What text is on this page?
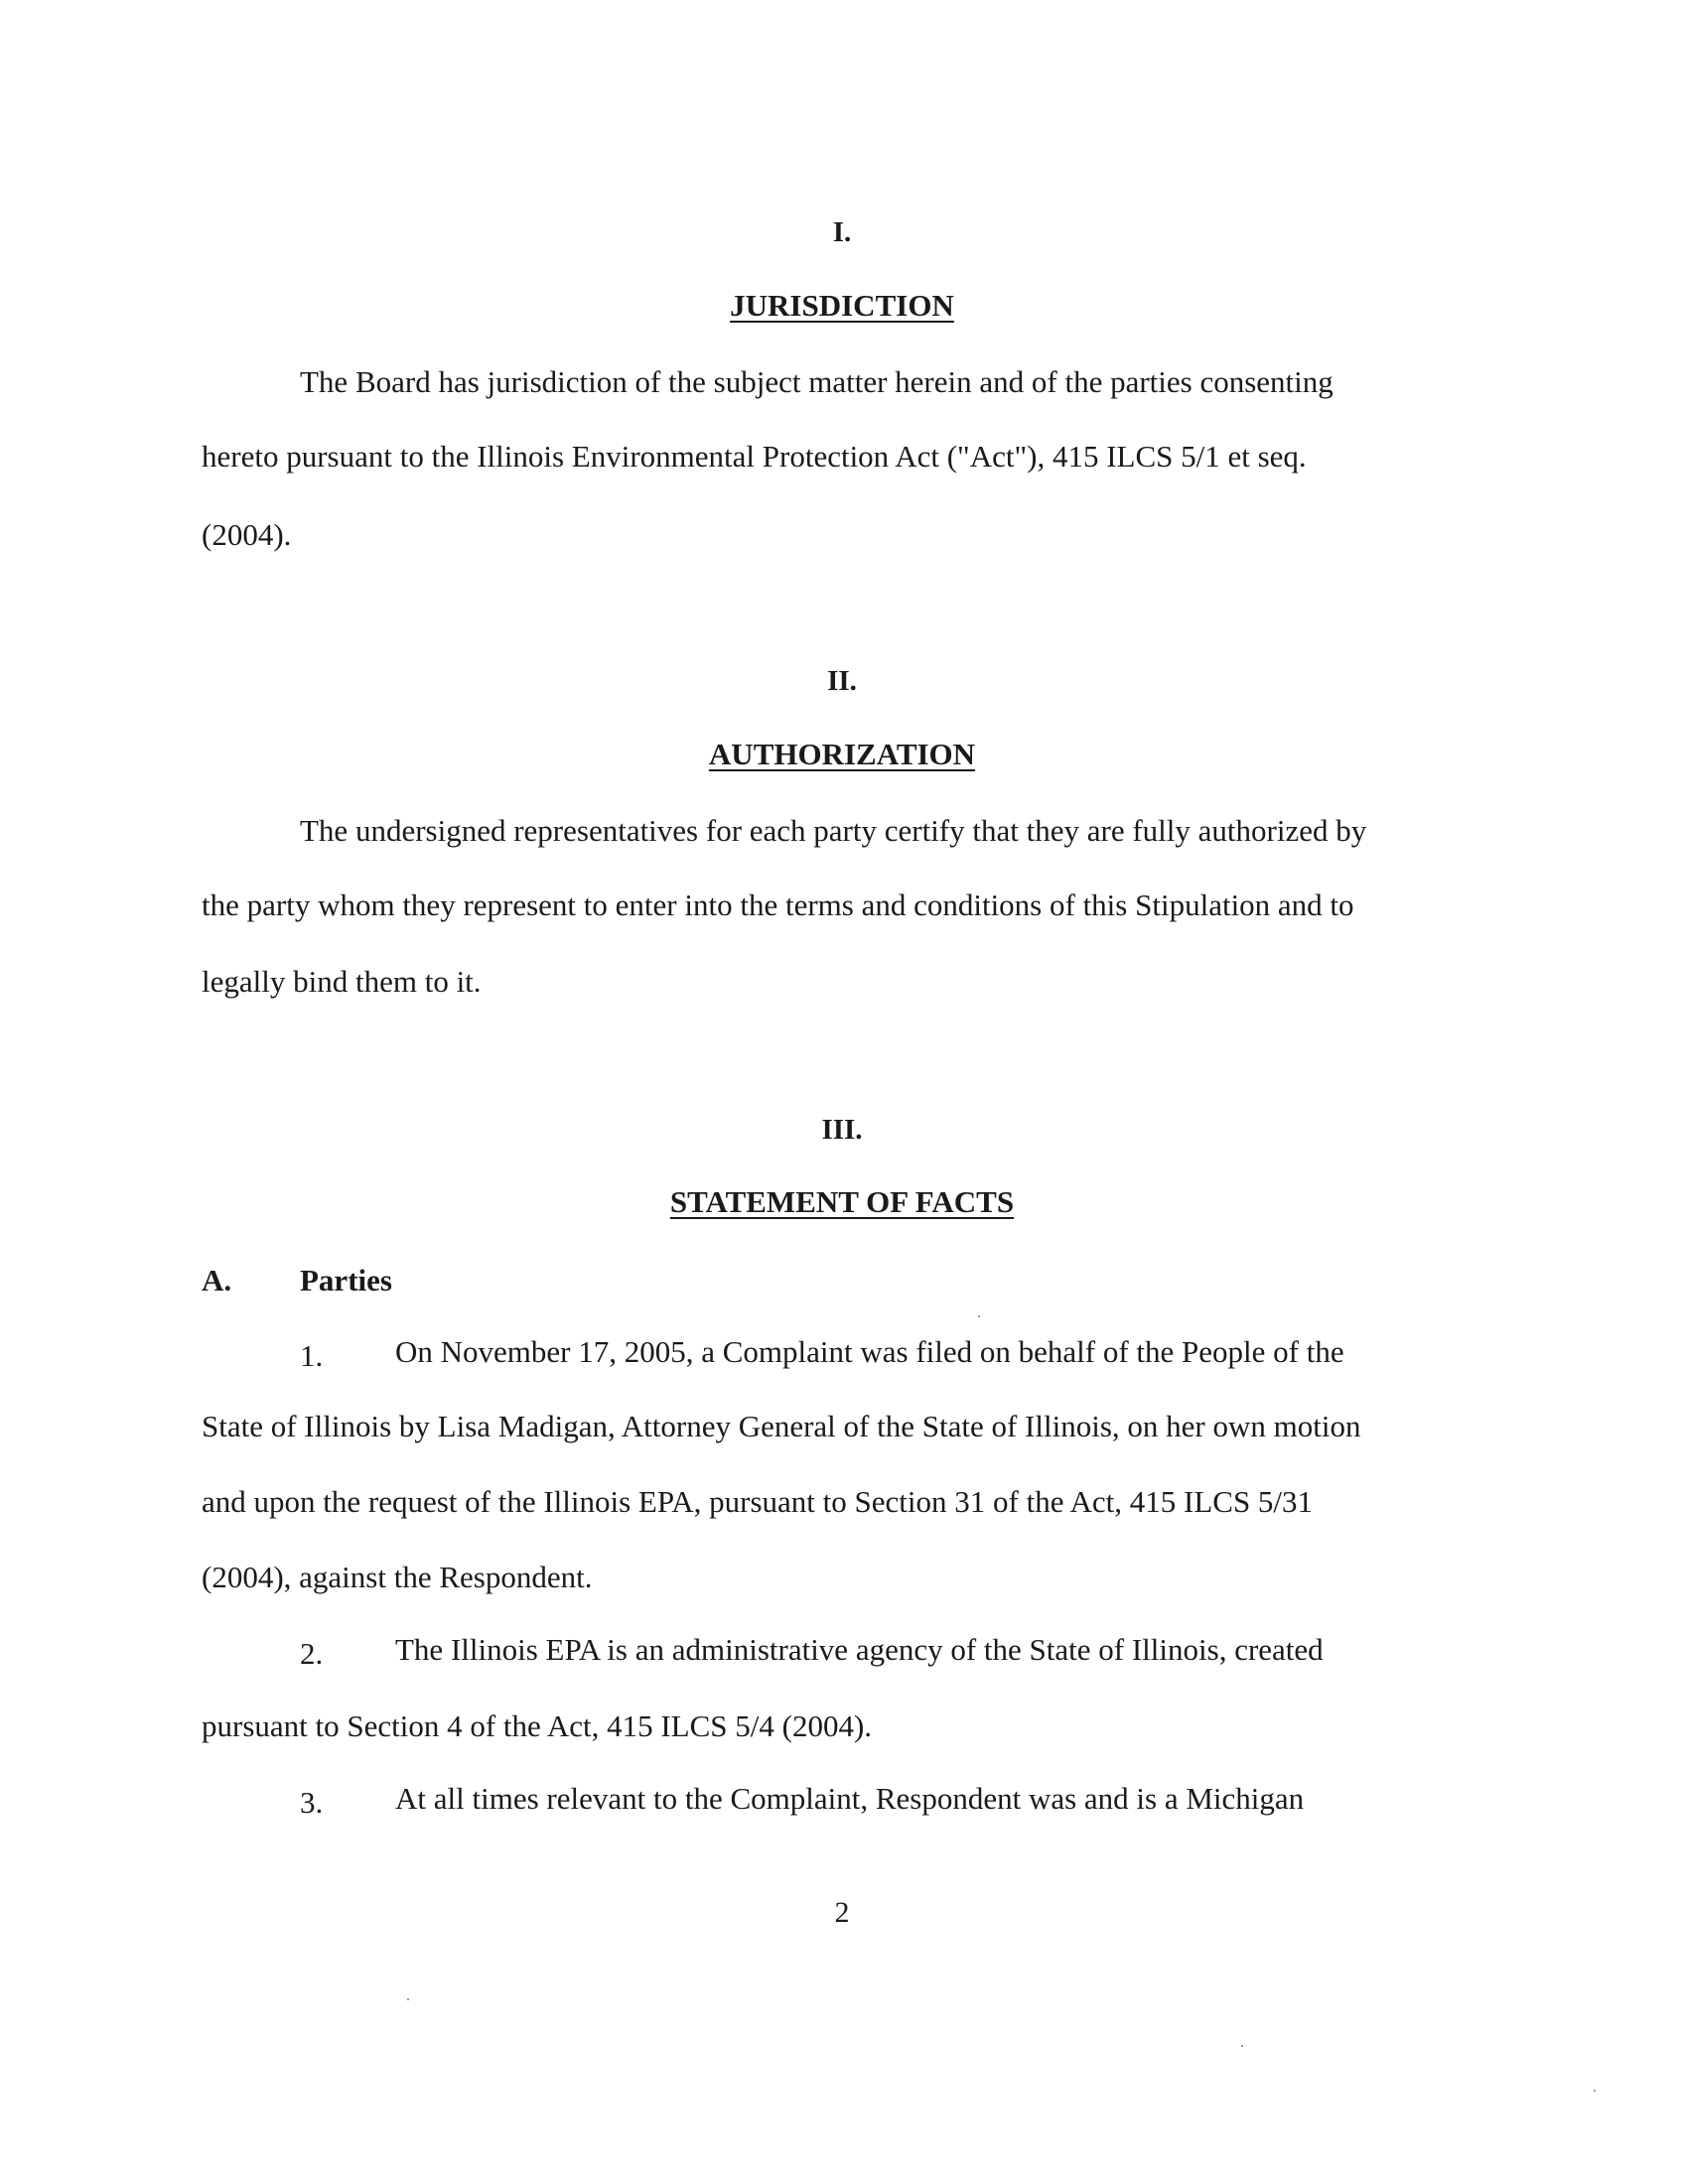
I.
JURISDICTION
The Board has jurisdiction of the subject matter herein and of the parties consenting
hereto pursuant to the Illinois Environmental Protection Act ("Act"), 415 ILCS 5/1 et seq.
(2004).
II.
AUTHORIZATION
The undersigned representatives for each party certify that they are fully authorized by
the party whom they represent to enter into the terms and conditions of this Stipulation and to
legally bind them to it.
III.
STATEMENT OF FACTS
A. Parties
1. On November 17, 2005, a Complaint was filed on behalf of the People of the
State of Illinois by Lisa Madigan, Attorney General of the State of Illinois, on her own motion
and upon the request of the Illinois EPA, pursuant to Section 31 of the Act, 415 ILCS 5/31
(2004), against the Respondent.
2. The Illinois EPA is an administrative agency of the State of Illinois, created
pursuant to Section 4 of the Act, 415 ILCS 5/4 (2004).
3. At all times relevant to the Complaint, Respondent was and is a Michigan
2
